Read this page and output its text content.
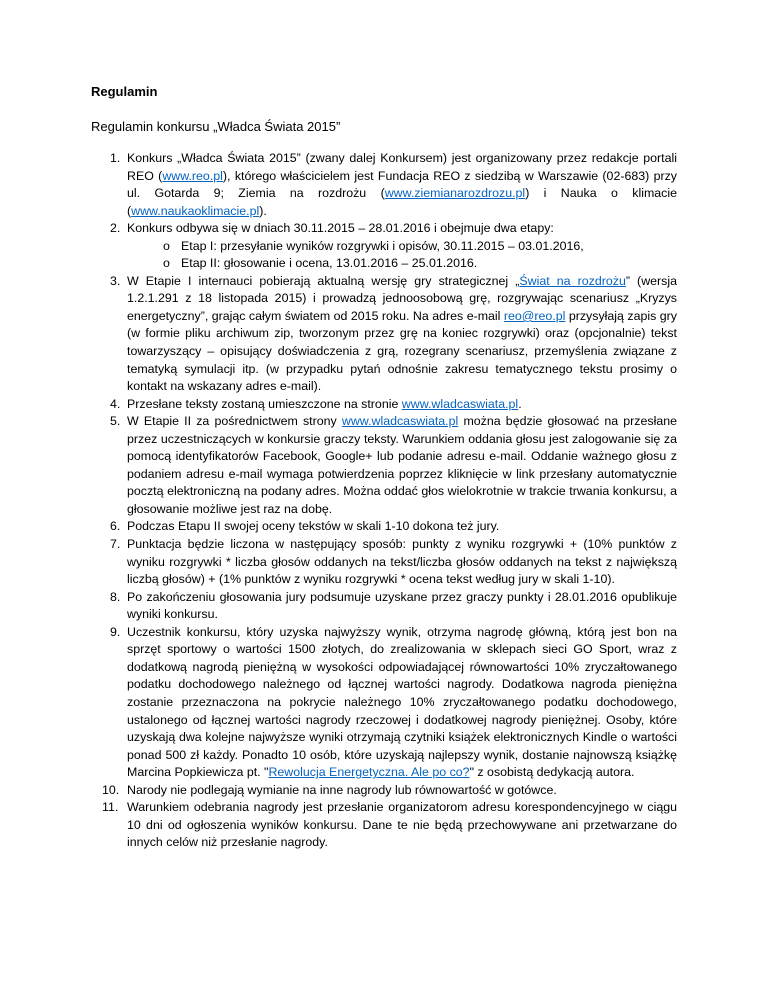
Regulamin
Regulamin konkursu „Władca Świata 2015”
1. Konkurs „Władca Świata 2015” (zwany dalej Konkursem) jest organizowany przez redakcje portali REO (www.reo.pl), którego właścicielem jest Fundacja REO z siedzibą w Warszawie (02-683) przy ul. Gotarda 9; Ziemia na rozdrożu (www.ziemianarozdrozu.pl) i Nauka o klimacie (www.naukaoklimacie.pl).
2. Konkurs odbywa się w dniach 30.11.2015 – 28.01.2016 i obejmuje dwa etapy:
o Etap I: przesyłanie wyników rozgrywki i opisów, 30.11.2015 – 03.01.2016,
o Etap II: głosowanie i ocena, 13.01.2016 – 25.01.2016.
3. W Etapie I internauci pobierają aktualną wersję gry strategicznej „Świat na rozdrożu” (wersja 1.2.1.291 z 18 listopada 2015) i prowadzą jednoosobową grę, rozgrywając scenariusz „Kryzys energetyczny”, grając całym światem od 2015 roku. Na adres e-mail reo@reo.pl przysyłają zapis gry (w formie pliku archiwum zip, tworzonym przez grę na koniec rozgrywki) oraz (opcjonalnie) tekst towarzyszący – opisujący doświadczenia z grą, rozegrany scenariusz, przemyślenia związane z tematyką symulacji itp. (w przypadku pytań odnośnie zakresu tematycznego tekstu prosimy o kontakt na wskazany adres e-mail).
4. Przesłane teksty zostaną umieszczone na stronie www.wladcaswiata.pl.
5. W Etapie II za pośrednictwem strony www.wladcaswiata.pl można będzie głosować na przesłane przez uczestniczących w konkursie graczy teksty. Warunkiem oddania głosu jest zalogowanie się za pomocą identyfikatorów Facebook, Google+ lub podanie adresu e-mail. Oddanie ważnego głosu z podaniem adresu e-mail wymaga potwierdzenia poprzez kliknięcie w link przesłany automatycznie pocztą elektroniczną na podany adres. Można oddać głos wielokrotnie w trakcie trwania konkursu, a głosowanie możliwe jest raz na dobę.
6. Podczas Etapu II swojej oceny tekstów w skali 1-10 dokona też jury.
7. Punktacja będzie liczona w następujący sposób: punkty z wyniku rozgrywki + (10% punktów z wyniku rozgrywki * liczba głosów oddanych na tekst/liczba głosów oddanych na tekst z największą liczbą głosów) + (1% punktów z wyniku rozgrywki * ocena tekst według jury w skali 1-10).
8. Po zakończeniu głosowania jury podsumuje uzyskane przez graczy punkty i 28.01.2016 opublikuje wyniki konkursu.
9. Uczestnik konkursu, który uzyska najwyższy wynik, otrzyma nagrodę główną, którą jest bon na sprzęt sportowy o wartości 1500 złotych, do zrealizowania w sklepach sieci GO Sport, wraz z dodatkową nagrodą pieniężną w wysokości odpowiadającej równowartości 10% zryczałtowanego podatku dochodowego należnego od łącznej wartości nagrody. Dodatkowa nagroda pieniężna zostanie przeznaczona na pokrycie należnego 10% zryczałtowanego podatku dochodowego, ustalonego od łącznej wartości nagrody rzeczowej i dodatkowej nagrody pieniężnej. Osoby, które uzyskają dwa kolejne najwyższe wyniki otrzymają czytniki książek elektronicznych Kindle o wartości ponad 500 zł każdy. Ponadto 10 osób, które uzyskają najlepszy wynik, dostanie najnowszą książkę Marcina Popkiewicza pt. "Rewolucja Energetyczna. Ale po co?" z osobistą dedykacją autora.
10. Narody nie podlegają wymianie na inne nagrody lub równowartość w gotówce.
11. Warunkiem odebrania nagrody jest przesłanie organizatorom adresu korespondencyjnego w ciągu 10 dni od ogłoszenia wyników konkursu. Dane te nie będą przechowywane ani przetwarzane do innych celów niż przesłanie nagrody.
